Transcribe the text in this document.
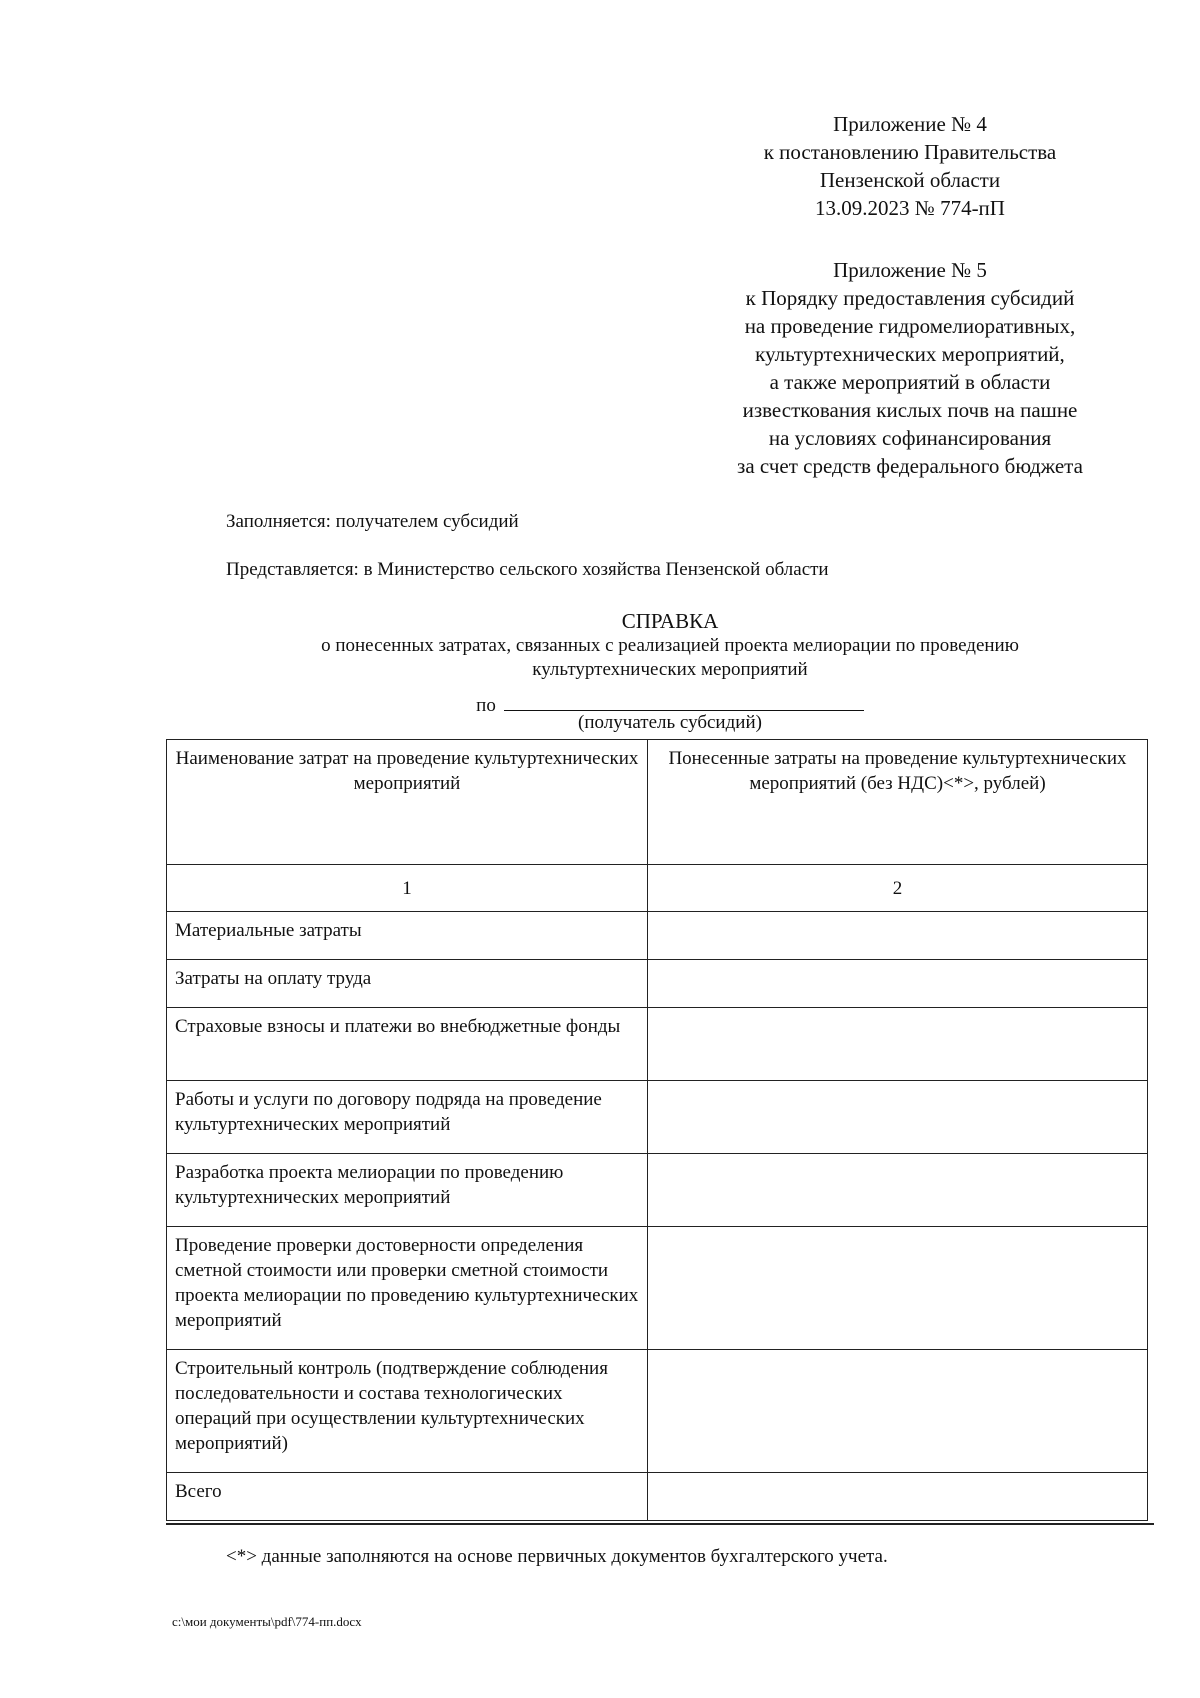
Приложение № 4
к постановлению Правительства
Пензенской области
13.09.2023 № 774-пП
Приложение № 5
к Порядку предоставления субсидий
на проведение гидромелиоративных,
культуртехнических мероприятий,
а также мероприятий в области
известкования кислых почв на пашне
на условиях софинансирования
за счет средств федерального бюджета
Заполняется: получателем субсидий
Представляется: в Министерство сельского хозяйства Пензенской области
СПРАВКА
о понесенных затратах, связанных с реализацией проекта мелиорации по проведению
культуртехнических мероприятий
по
(получатель субсидий)
Наименование затрат на проведение культуртехнических мероприятий	Понесенные затраты на проведение культуртехнических мероприятий (без НДС)<*>, рублей)
1	2
Материальные затраты	
Затраты на оплату труда	
Страховые взносы и платежи во внебюджетные фонды	
Работы и услуги по договору подряда на проведение культуртехнических мероприятий	
Разработка проекта мелиорации по проведению культуртехнических мероприятий	
Проведение проверки достоверности определения сметной стоимости или проверки сметной стоимости проекта мелиорации по проведению культуртехнических мероприятий	
Строительный контроль (подтверждение соблюдения последовательности и состава технологических операций при осуществлении культуртехнических мероприятий)	
Всего	
<*> данные заполняются на основе первичных документов бухгалтерского учета.
c:\мои документы\pdf\774-пп.docx
